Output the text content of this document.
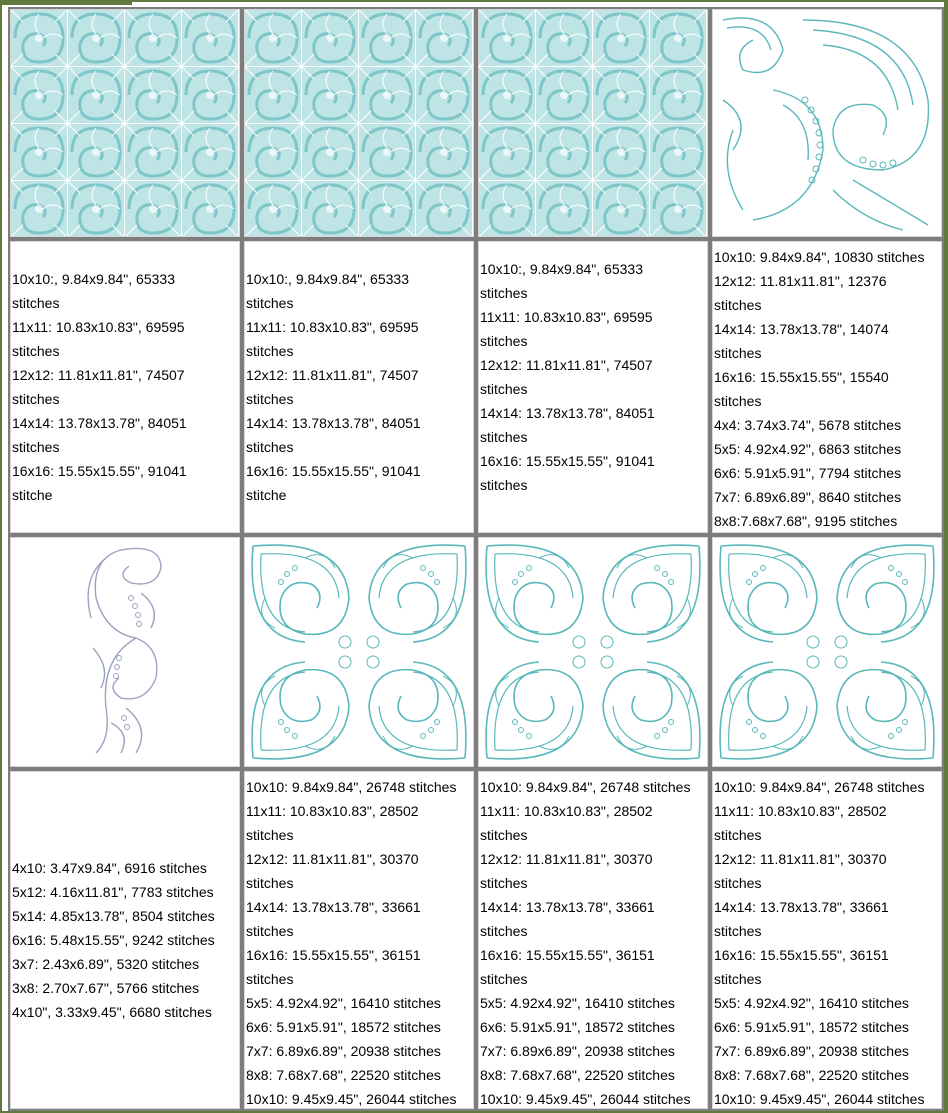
10x10:, 9.84x9.84", 65333
stitches
11x11: 10.83x10.83", 69595
stitches
12x12: 11.81x11.81", 74507
stitches
14x14: 13.78x13.78", 84051
stitches
16x16: 15.55x15.55", 91041
stitche
10x10:, 9.84x9.84", 65333
stitches
11x11: 10.83x10.83", 69595
stitches
12x12: 11.81x11.81", 74507
stitches
14x14: 13.78x13.78", 84051
stitches
16x16: 15.55x15.55", 91041
stitche
10x10:, 9.84x9.84", 65333
stitches
11x11: 10.83x10.83", 69595
stitches
12x12: 11.81x11.81", 74507
stitches
14x14: 13.78x13.78", 84051
stitches
16x16: 15.55x15.55", 91041
stitches
10x10: 9.84x9.84", 10830 stitches
12x12: 11.81x11.81", 12376
stitches
14x14: 13.78x13.78", 14074
stitches
16x16: 15.55x15.55", 15540
stitches
4x4: 3.74x3.74", 5678 stitches
5x5: 4.92x4.92", 6863 stitches
6x6: 5.91x5.91", 7794 stitches
7x7: 6.89x6.89", 8640 stitches
8x8:7.68x7.68", 9195 stitches
4x10: 3.47x9.84", 6916 stitches
5x12: 4.16x11.81", 7783 stitches
5x14: 4.85x13.78", 8504 stitches
6x16: 5.48x15.55", 9242 stitches
3x7: 2.43x6.89", 5320 stitches
3x8: 2.70x7.67", 5766 stitches
4x10", 3.33x9.45", 6680 stitches
10x10: 9.84x9.84", 26748 stitches
11x11: 10.83x10.83", 28502
stitches
12x12: 11.81x11.81", 30370
stitches
14x14: 13.78x13.78", 33661
stitches
16x16: 15.55x15.55", 36151
stitches
5x5: 4.92x4.92", 16410 stitches
6x6: 5.91x5.91", 18572 stitches
7x7: 6.89x6.89", 20938 stitches
8x8: 7.68x7.68", 22520 stitches
10x10: 9.45x9.45", 26044 stitches
10x10: 9.84x9.84", 26748 stitches
11x11: 10.83x10.83", 28502
stitches
12x12: 11.81x11.81", 30370
stitches
14x14: 13.78x13.78", 33661
stitches
16x16: 15.55x15.55", 36151
stitches
5x5: 4.92x4.92", 16410 stitches
6x6: 5.91x5.91", 18572 stitches
7x7: 6.89x6.89", 20938 stitches
8x8: 7.68x7.68", 22520 stitches
10x10: 9.45x9.45", 26044 stitches
10x10: 9.84x9.84", 26748 stitches
11x11: 10.83x10.83", 28502
stitches
12x12: 11.81x11.81", 30370
stitches
14x14: 13.78x13.78", 33661
stitches
16x16: 15.55x15.55", 36151
stitches
5x5: 4.92x4.92", 16410 stitches
6x6: 5.91x5.91", 18572 stitches
7x7: 6.89x6.89", 20938 stitches
8x8: 7.68x7.68", 22520 stitches
10x10: 9.45x9.45", 26044 stitches
